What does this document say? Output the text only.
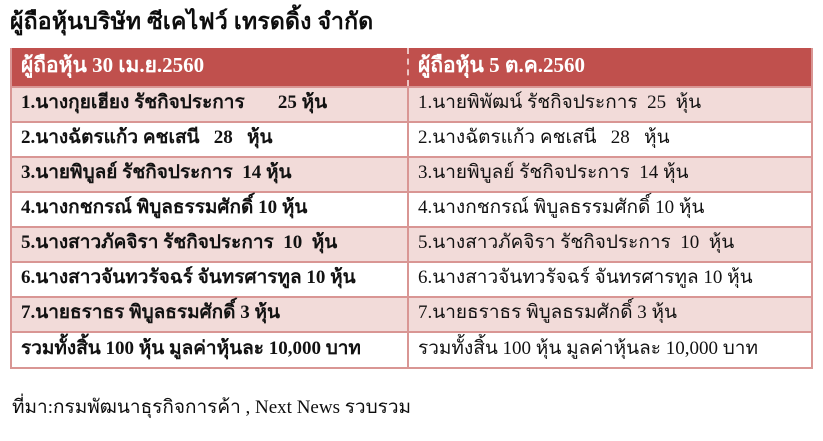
ผู้ถือหุ้นบริษัท ซีเคไฟว์ เทรดดิ้ง จำกัด
ผู้ถือหุ้น 30 เม.ย.2560	ผู้ถือหุ้น 5 ต.ค.2560
1.นางกุยเฮียง รัชกิจประการ       25 หุ้น	1.นายพิพัฒน์ รัชกิจประการ  25  หุ้น
2.นางฉัตรแก้ว คชเสนี   28   หุ้น	2.นางฉัตรแก้ว คชเสนี   28   หุ้น
3.นายพิบูลย์ รัชกิจประการ  14 หุ้น	3.นายพิบูลย์ รัชกิจประการ  14 หุ้น
4.นางกชกรณ์ พิบูลธรรมศักดิ์ 10 หุ้น	4.นางกชกรณ์ พิบูลธรรมศักดิ์ 10 หุ้น
5.นางสาวภัคจิรา รัชกิจประการ  10  หุ้น	5.นางสาวภัคจิรา รัชกิจประการ  10  หุ้น
6.นางสาวจันทวรัจฉร์ จันทรศารทูล 10 หุ้น	6.นางสาวจันทวรัจฉร์ จันทรศารทูล 10 หุ้น
7.นายธราธร พิบูลธรมศักดิ์ 3 หุ้น	7.นายธราธร พิบูลธรมศักดิ์ 3 หุ้น
รวมทั้งสิ้น 100 หุ้น มูลค่าหุ้นละ 10,000 บาท	รวมทั้งสิ้น 100 หุ้น มูลค่าหุ้นละ 10,000 บาท
ที่มา:กรมพัฒนาธุรกิจการค้า , Next News รวบรวม
